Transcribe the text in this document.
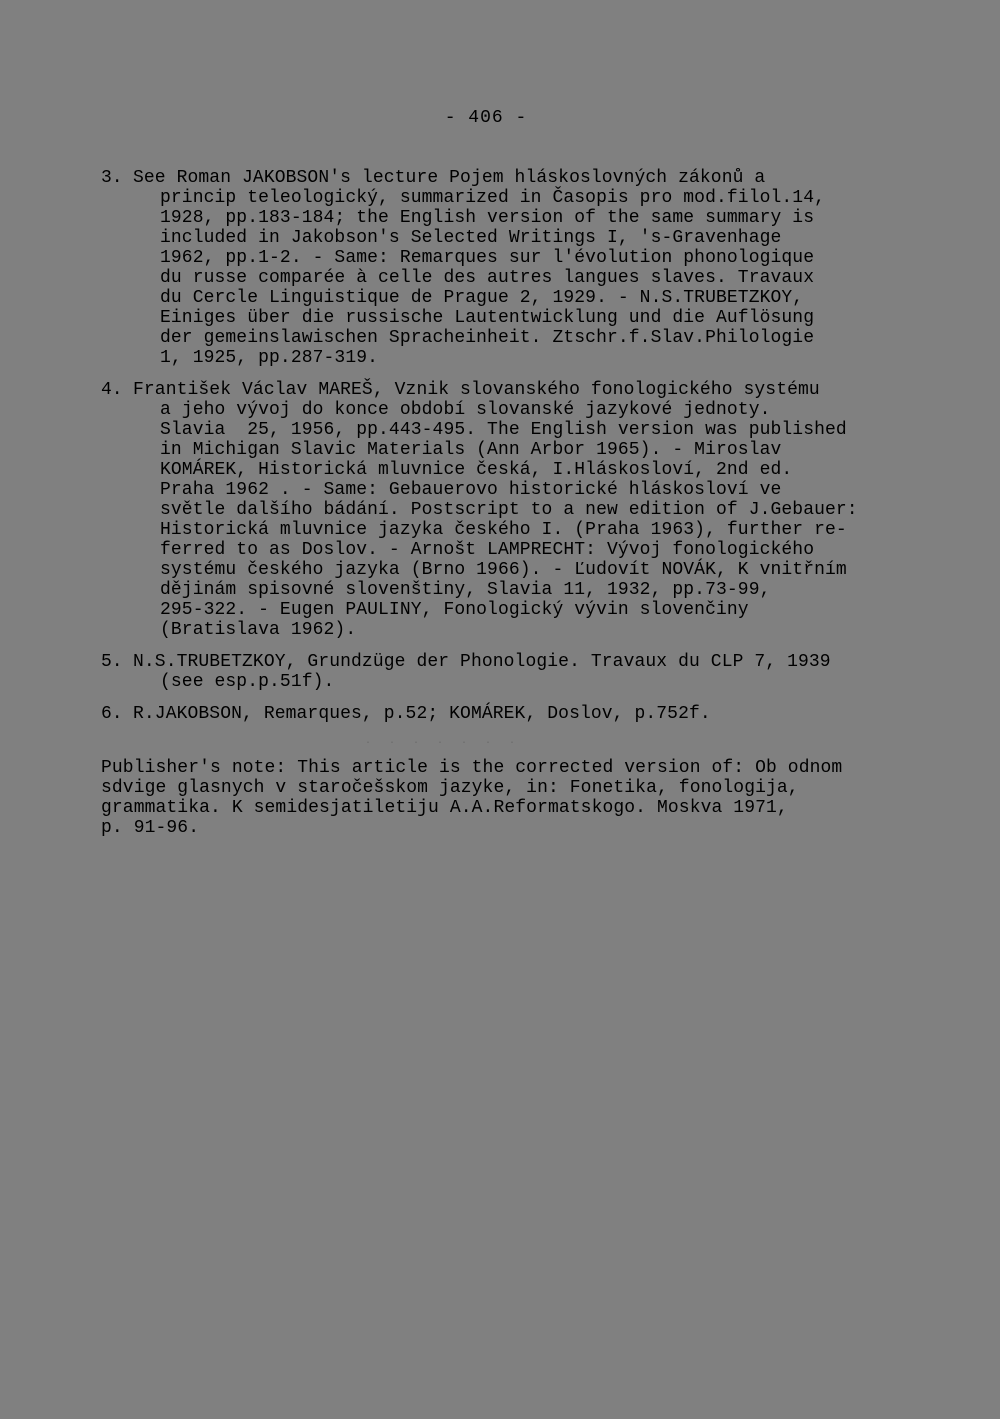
- 406 -
3. See Roman JAKOBSON's lecture Pojem hláskoslovných zákonů a
princip teleologický, summarized in Časopis pro mod.filol.14,
1928, pp.183-184; the English version of the same summary is
included in Jakobson's Selected Writings I, 's-Gravenhage
1962, pp.1-2. - Same: Remarques sur l'évolution phonologique
du russe comparée à celle des autres langues slaves. Travaux
du Cercle Linguistique de Prague 2, 1929. - N.S.TRUBETZKOY,
Einiges über die russische Lautentwicklung und die Auflösung
der gemeinslawischen Spracheinheit. Ztschr.f.Slav.Philologie
1, 1925, pp.287-319.
4. František Václav MAREŠ, Vznik slovanského fonologického systému
a jeho vývoj do konce období slovanské jazykové jednoty.
Slavia  25, 1956, pp.443-495. The English version was published
in Michigan Slavic Materials (Ann Arbor 1965). - Miroslav
KOMÁREK, Historická mluvnice česká, I.Hláskosloví, 2nd ed.
Praha 1962 . - Same: Gebauerovo historické hláskosloví ve
světle dalšího bádání. Postscript to a new edition of J.Gebauer:
Historická mluvnice jazyka českého I. (Praha 1963), further re-
ferred to as Doslov. - Arnošt LAMPRECHT: Vývoj fonologického
systému českého jazyka (Brno 1966). - Ľudovít NOVÁK, K vnitřním
dějinám spisovné slovenštiny, Slavia 11, 1932, pp.73-99,
295-322. - Eugen PAULINY, Fonologický vývin slovenčiny
(Bratislava 1962).
5. N.S.TRUBETZKOY, Grundzüge der Phonologie. Travaux du CLP 7, 1939
(see esp.p.51f).
6. R.JAKOBSON, Remarques, p.52; KOMÁREK, Doslov, p.752f.
. . . . . . .
Publisher's note: This article is the corrected version of: Ob odnom
sdvige glasnych v staročešskom jazyke, in: Fonetika, fonologija,
grammatika. K semidesjatiletiju A.A.Reformatskogo. Moskva 1971,
p. 91-96.
